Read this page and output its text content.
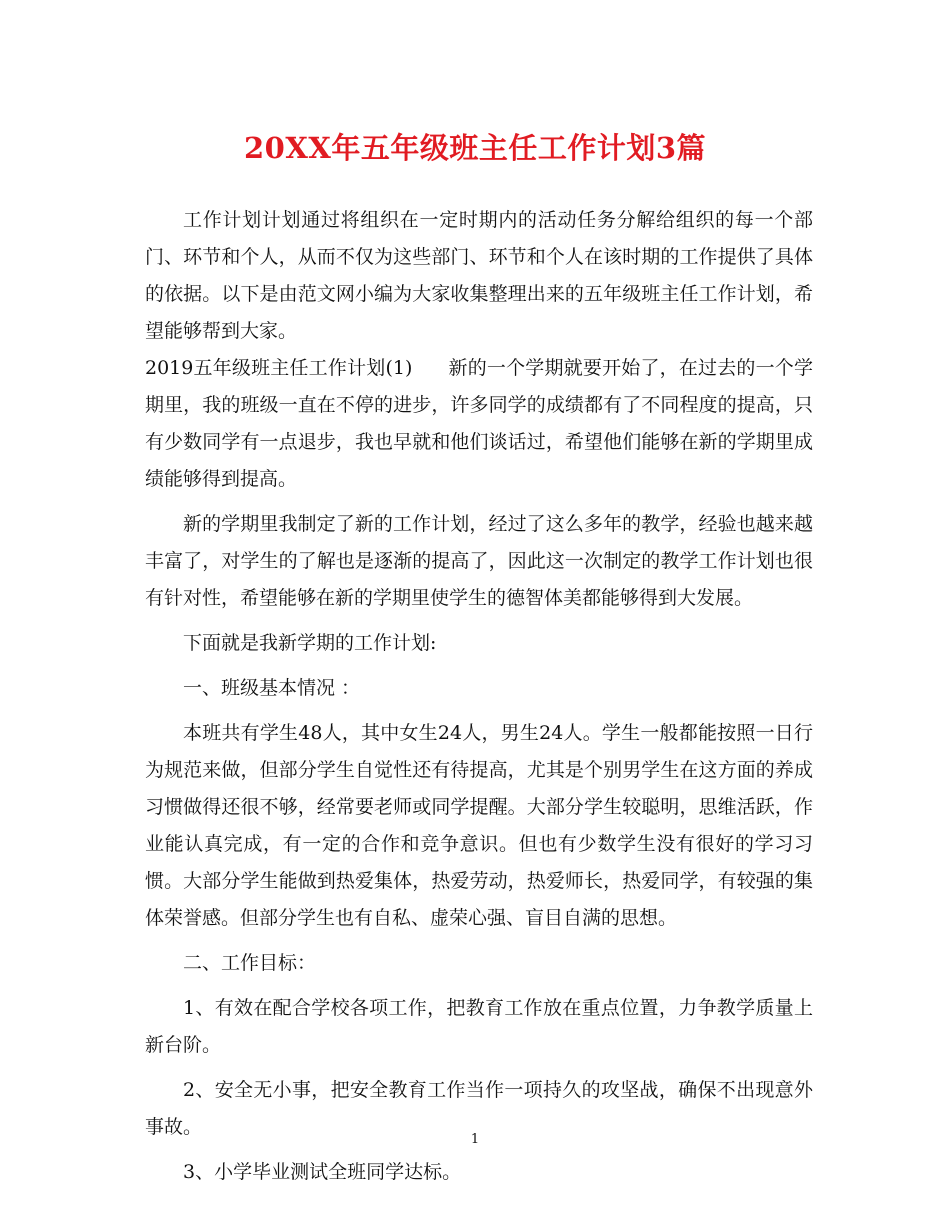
20XX年五年级班主任工作计划3篇

工作计划计划通过将组织在一定时期内的活动任务分解给组织的每一个部门、环节和个人，从而不仅为这些部门、环节和个人在该时期的工作提供了具体的依据。以下是由范文网小编为大家收集整理出来的五年级班主任工作计划，希望能够帮到大家。

2019五年级班主任工作计划(1) 新的一个学期就要开始了，在过去的一个学期里，我的班级一直在不停的进步，许多同学的成绩都有了不同程度的提高，只有少数同学有一点退步，我也早就和他们谈话过，希望他们能够在新的学期里成绩能够得到提高。

新的学期里我制定了新的工作计划，经过了这么多年的教学，经验也越来越丰富了，对学生的了解也是逐渐的提高了，因此这一次制定的教学工作计划也很有针对性，希望能够在新的学期里使学生的德智体美都能够得到大发展。

下面就是我新学期的工作计划:

一、班级基本情况 ：

本班共有学生48人，其中女生24人，男生24人。学生一般都能按照一日行为规范来做，但部分学生自觉性还有待提高，尤其是个别男学生在这方面的养成习惯做得还很不够，经常要老师或同学提醒。大部分学生较聪明，思维活跃，作业能认真完成，有一定的合作和竞争意识。但也有少数学生没有很好的学习习惯。大部分学生能做到热爱集体，热爱劳动，热爱师长，热爱同学，有较强的集体荣誉感。但部分学生也有自私、虚荣心强、盲目自满的思想。

二、工作目标：

1、有效在配合学校各项工作，把教育工作放在重点位置，力争教学质量上新台阶。

2、安全无小事，把安全教育工作当作一项持久的攻坚战，确保不出现意外事故。

3、小学毕业测试全班同学达标。

1
